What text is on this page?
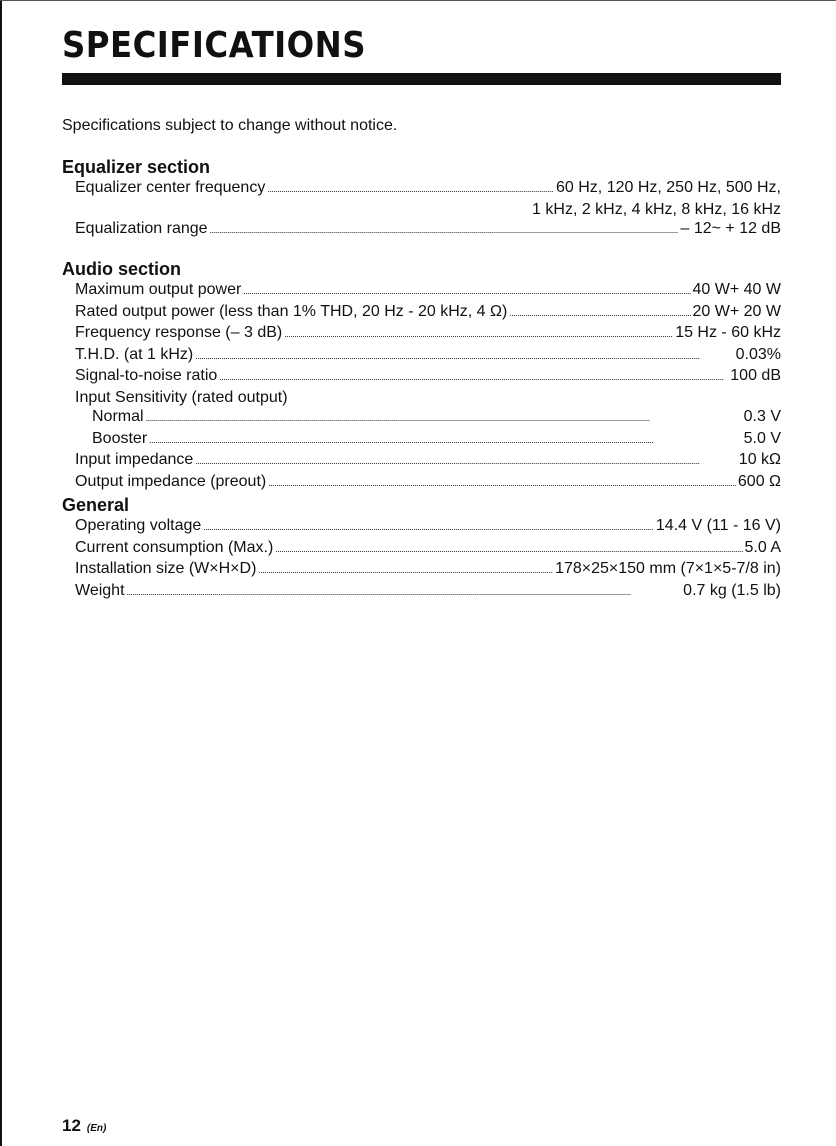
SPECIFICATIONS

Specifications subject to change without notice.

Equalizer section
Equalizer center frequency . . .	60 Hz, 120 Hz, 250 Hz, 500 Hz,
1 kHz, 2 kHz, 4 kHz, 8 kHz, 16 kHz
Equalization range . . .	– 12~ + 12 dB
Audio section
Maximum output power . . .	40 W+ 40 W
Rated output power (less than 1% THD, 20 Hz - 20 kHz, 4 Ω) . . .	20 W+ 20 W
Frequency response (– 3 dB) . . .	15 Hz - 60 kHz
T.H.D. (at 1 kHz) . . .	0.03%
Signal-to-noise ratio . . .	100 dB
Input Sensitivity (rated output)
Normal . . .	0.3 V
Booster . . .	5.0 V
Input impedance . . .	10 kΩ
Output impedance (preout) . . .	600 Ω
General
Operating voltage . . .	14.4 V (11 - 16 V)
Current consumption (Max.) . . .	5.0 A
Installation size (W×H×D) . . .	178×25×150 mm (7×1×5-7/8 in)
Weight . . .	0.7 kg (1.5 lb)
12 (En)
